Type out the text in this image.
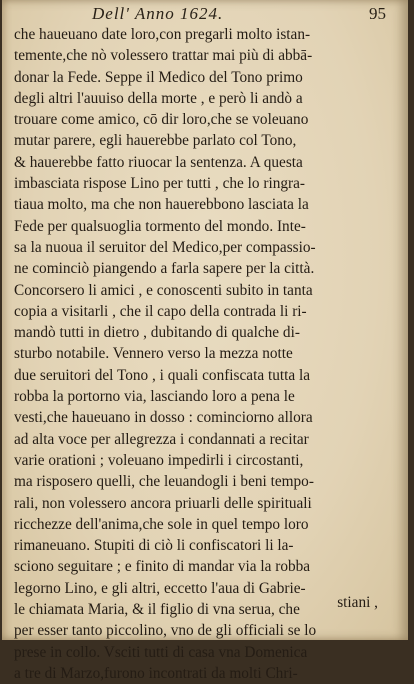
Dell' Anno 1624.	95
che haueuano date loro,con pregarli molto istan-
temente,che nò volessero trattar mai più di abbā-
donar la Fede. Seppe il Medico del Tono primo
degli altri l'auuiso della morte , e però li andò a
trouare come amico, cō dir loro,che se voleuano
mutar parere, egli hauerebbe parlato col Tono,
& hauerebbe fatto riuocar la sentenza. A questa
imbasciata rispose Lino per tutti , che lo ringra-
tiaua molto, ma che non hauerebbono lasciata la
Fede per qualsuoglia tormento del mondo. Inte-
sa la nuoua il seruitor del Medico,per compassio-
ne cominciò piangendo a farla sapere per la città.
Concorsero li amici , e conoscenti subito in tanta
copia a visitarli , che il capo della contrada li ri-
mandò tutti in dietro , dubitando di qualche di-
sturbo notabile. Vennero verso la mezza notte
due seruitori del Tono , i quali confiscata tutta la
robba la portorno via, lasciando loro a pena le
vesti,che haueuano in dosso : cominciorno allora
ad alta voce per allegrezza i condannati a recitar
varie orationi ; voleuano impedirli i circostanti,
ma risposero quelli, che leuandogli i beni tempo-
rali, non volessero ancora priuarli delle spirituali
ricchezze dell'anima,che sole in quel tempo loro
rimaneuano. Stupiti di ciò li confiscatori li la-
sciono seguitare ; e finito di mandar via la robba
legorno Lino, e gli altri, eccetto l'aua di Gabrie-
le chiamata Maria, & il figlio di vna serua, che
per esser tanto piccolino, vno de gli officiali se lo
prese in collo. Vsciti tutti di casa vna Domenica
a tre di Marzo,furono incontrati da molti Chri-
stiani ,
